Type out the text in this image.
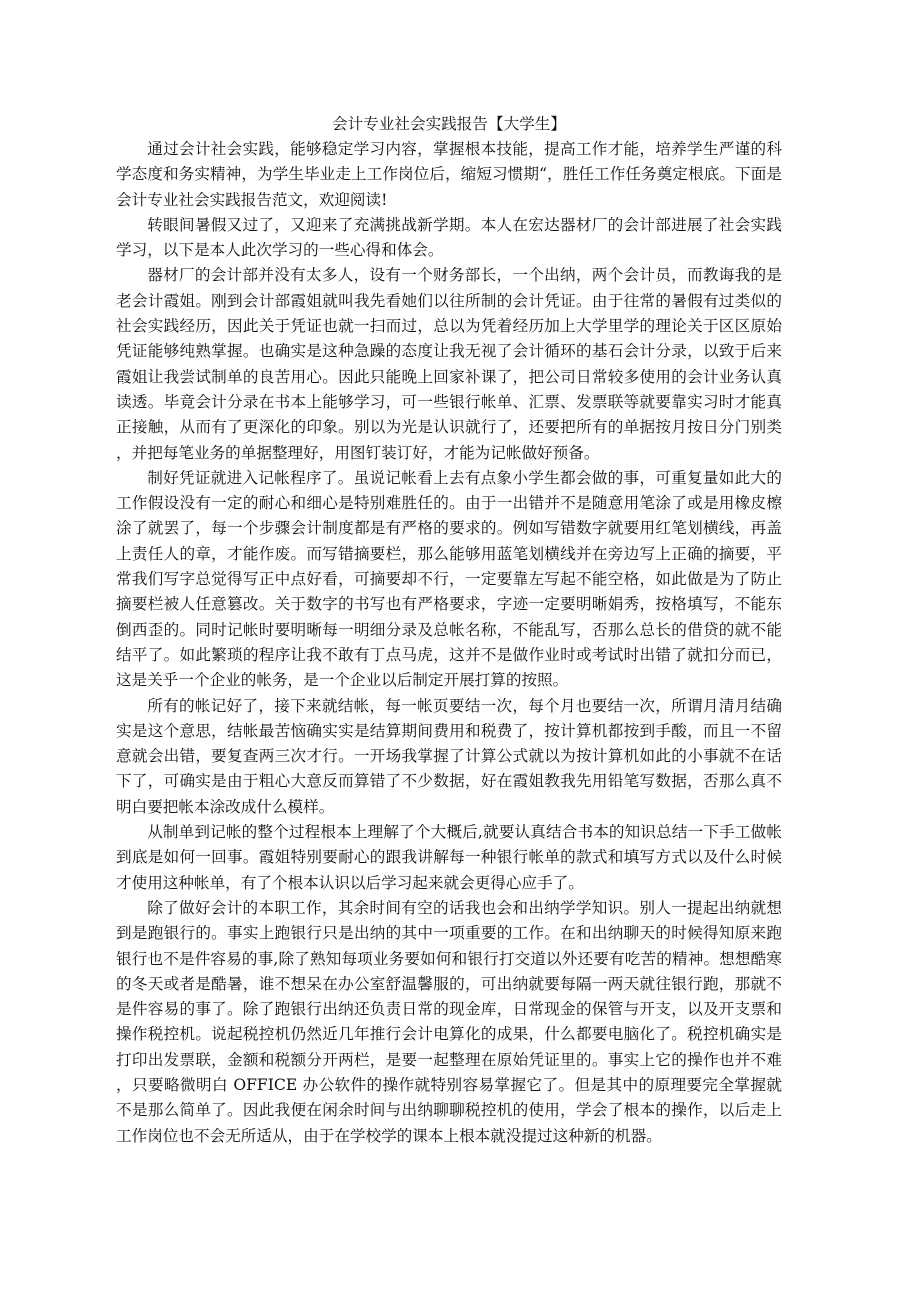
会计专业社会实践报告【大学生】

通过会计社会实践，能够稳定学习内容，掌握根本技能，提高工作才能，培养学生严谨的科学态度和务实精神，为学生毕业走上工作岗位后，缩短习惯期“，胜任工作任务奠定根底。下面是会计专业社会实践报告范文，欢迎阅读!

转眼间暑假又过了，又迎来了充满挑战新学期。本人在宏达器材厂的会计部进展了社会实践学习，以下是本人此次学习的一些心得和体会。

器材厂的会计部并没有太多人，设有一个财务部长，一个出纳，两个会计员，而教诲我的是老会计霞姐。刚到会计部霞姐就叫我先看她们以往所制的会计凭证。由于往常的暑假有过类似的社会实践经历，因此关于凭证也就一扫而过，总以为凭着经历加上大学里学的理论关于区区原始凭证能够纯熟掌握。也确实是这种急躁的态度让我无视了会计循环的基石会计分录，以致于后来霞姐让我尝试制单的良苦用心。因此只能晚上回家补课了，把公司日常较多使用的会计业务认真读透。毕竟会计分录在书本上能够学习，可一些银行帐单、汇票、发票联等就要靠实习时才能真正接触，从而有了更深化的印象。别以为光是认识就行了，还要把所有的单据按月按日分门别类，并把每笔业务的单据整理好，用图钉装订好，才能为记帐做好预备。

制好凭证就进入记帐程序了。虽说记帐看上去有点象小学生都会做的事，可重复量如此大的工作假设没有一定的耐心和细心是特别难胜任的。由于一出错并不是随意用笔涂了或是用橡皮檫涂了就罢了，每一个步骤会计制度都是有严格的要求的。例如写错数字就要用红笔划横线，再盖上责任人的章，才能作废。而写错摘要栏，那么能够用蓝笔划横线并在旁边写上正确的摘要，平常我们写字总觉得写正中点好看，可摘要却不行，一定要靠左写起不能空格，如此做是为了防止摘要栏被人任意篡改。关于数字的书写也有严格要求，字迹一定要明晰娟秀，按格填写，不能东倒西歪的。同时记帐时要明晰每一明细分录及总帐名称，不能乱写，否那么总长的借贷的就不能结平了。如此繁琐的程序让我不敢有丁点马虎，这并不是做作业时或考试时出错了就扣分而已，这是关乎一个企业的帐务，是一个企业以后制定开展打算的按照。

所有的帐记好了，接下来就结帐，每一帐页要结一次，每个月也要结一次，所谓月清月结确实是这个意思，结帐最苦恼确实实是结算期间费用和税费了，按计算机都按到手酸，而且一不留意就会出错，要复查两三次才行。一开场我掌握了计算公式就以为按计算机如此的小事就不在话下了，可确实是由于粗心大意反而算错了不少数据，好在霞姐教我先用铅笔写数据，否那么真不明白要把帐本涂改成什么模样。

从制单到记帐的整个过程根本上理解了个大概后,就要认真结合书本的知识总结一下手工做帐到底是如何一回事。霞姐特别要耐心的跟我讲解每一种银行帐单的款式和填写方式以及什么时候才使用这种帐单，有了个根本认识以后学习起来就会更得心应手了。

除了做好会计的本职工作，其余时间有空的话我也会和出纳学学知识。别人一提起出纳就想到是跑银行的。事实上跑银行只是出纳的其中一项重要的工作。在和出纳聊天的时候得知原来跑银行也不是件容易的事,除了熟知每项业务要如何和银行打交道以外还要有吃苦的精神。想想酷寒的冬天或者是酷暑，谁不想呆在办公室舒温馨服的，可出纳就要每隔一两天就往银行跑，那就不是件容易的事了。除了跑银行出纳还负责日常的现金库，日常现金的保管与开支，以及开支票和操作税控机。说起税控机仍然近几年推行会计电算化的成果，什么都要电脑化了。税控机确实是打印出发票联，金额和税额分开两栏，是要一起整理在原始凭证里的。事实上它的操作也并不难，只要略微明白 OFFICE 办公软件的操作就特别容易掌握它了。但是其中的原理要完全掌握就不是那么简单了。因此我便在闲余时间与出纳聊聊税控机的使用，学会了根本的操作，以后走上工作岗位也不会无所适从，由于在学校学的课本上根本就没提过这种新的机器。
